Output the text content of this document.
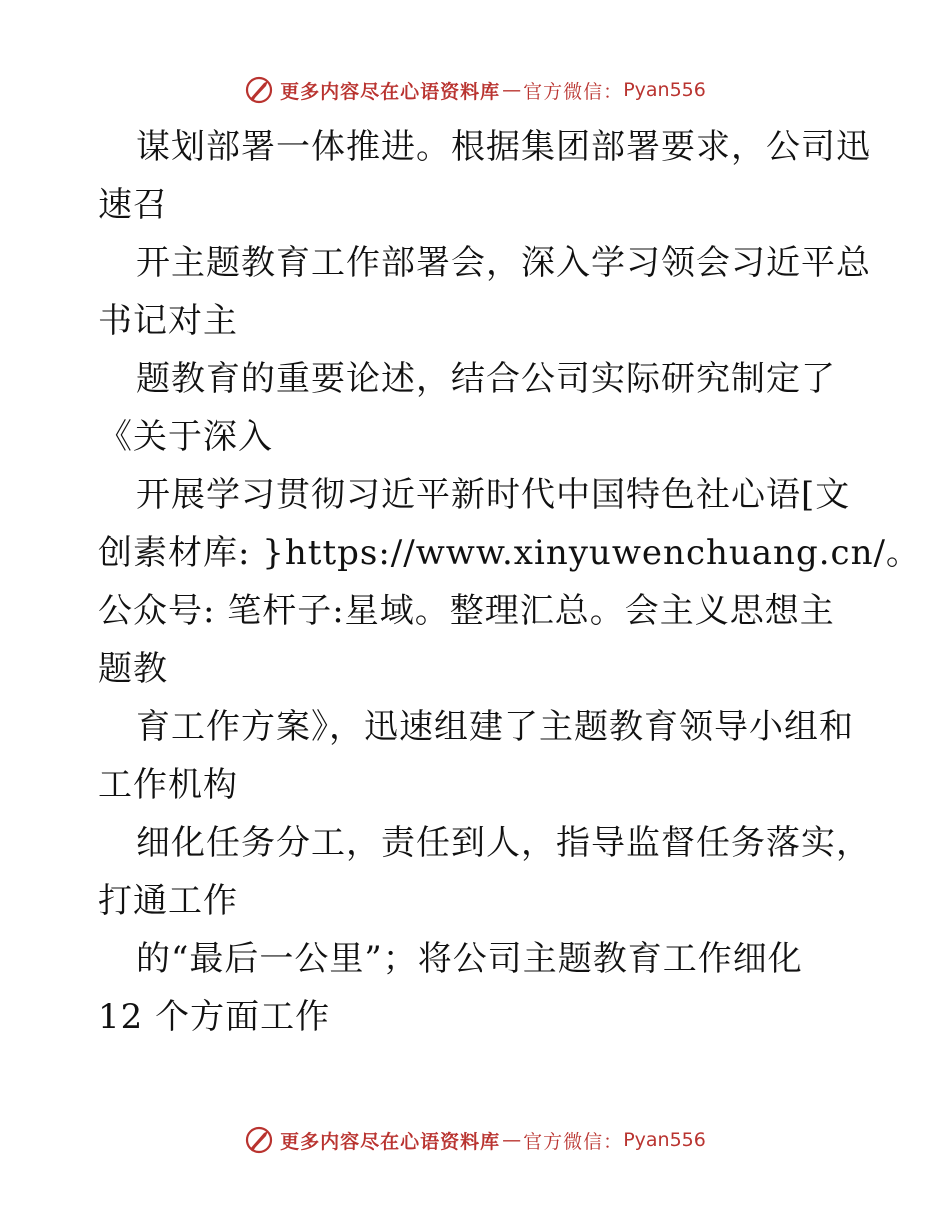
更多内容尽在心语资料库 — 官方微信： Pyan556

谋划部署一体推进。根据集团部署要求，公司迅
速召

开主题教育工作部署会，深入学习领会习近平总
书记对主

题教育的重要论述，结合公司实际研究制定了
《关于深入

开展学习贯彻习近平新时代中国特色社心语[文
创素材库: }https://www.xinyuwenchuang.cn/。
公众号: 笔杆子:星域。整理汇总。会主义思想主
题教

育工作方案》，迅速组建了主题教育领导小组和
工作机构

细化任务分工，责任到人，指导监督任务落实，
打通工作

的“最后一公里”；将公司主题教育工作细化
12 个方面工作

更多内容尽在心语资料库 — 官方微信： Pyan556
